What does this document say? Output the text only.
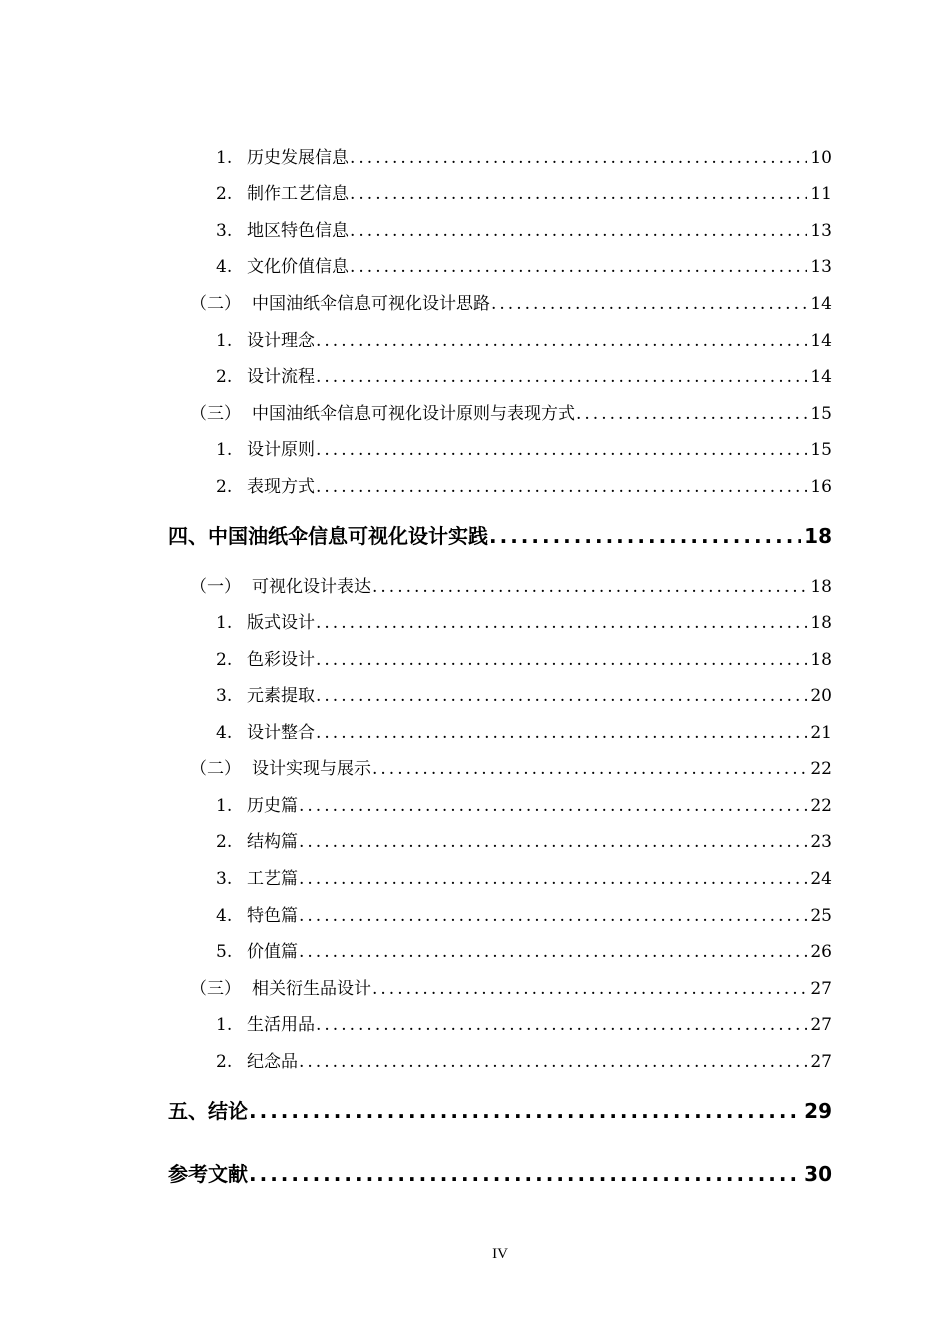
1. 历史发展信息 .....	10
2. 制作工艺信息 .....	11
3. 地区特色信息 .....	13
4. 文化价值信息 .....	13
（二） 中国油纸伞信息可视化设计思路 .....	14
1. 设计理念 .....	14
2. 设计流程 .....	14
（三） 中国油纸伞信息可视化设计原则与表现方式 .....	15
1. 设计原则 .....	15
2. 表现方式 .....	16
四、中国油纸伞信息可视化设计实践 .....	18
（一） 可视化设计表达 .....	18
1. 版式设计 .....	18
2. 色彩设计 .....	18
3. 元素提取 .....	20
4. 设计整合 .....	21
（二） 设计实现与展示 .....	22
1. 历史篇 .....	22
2. 结构篇 .....	23
3. 工艺篇 .....	24
4. 特色篇 .....	25
5. 价值篇 .....	26
（三） 相关衍生品设计 .....	27
1. 生活用品 .....	27
2. 纪念品 .....	27
五、结论 .....	29
参考文献 .....	30
IV
